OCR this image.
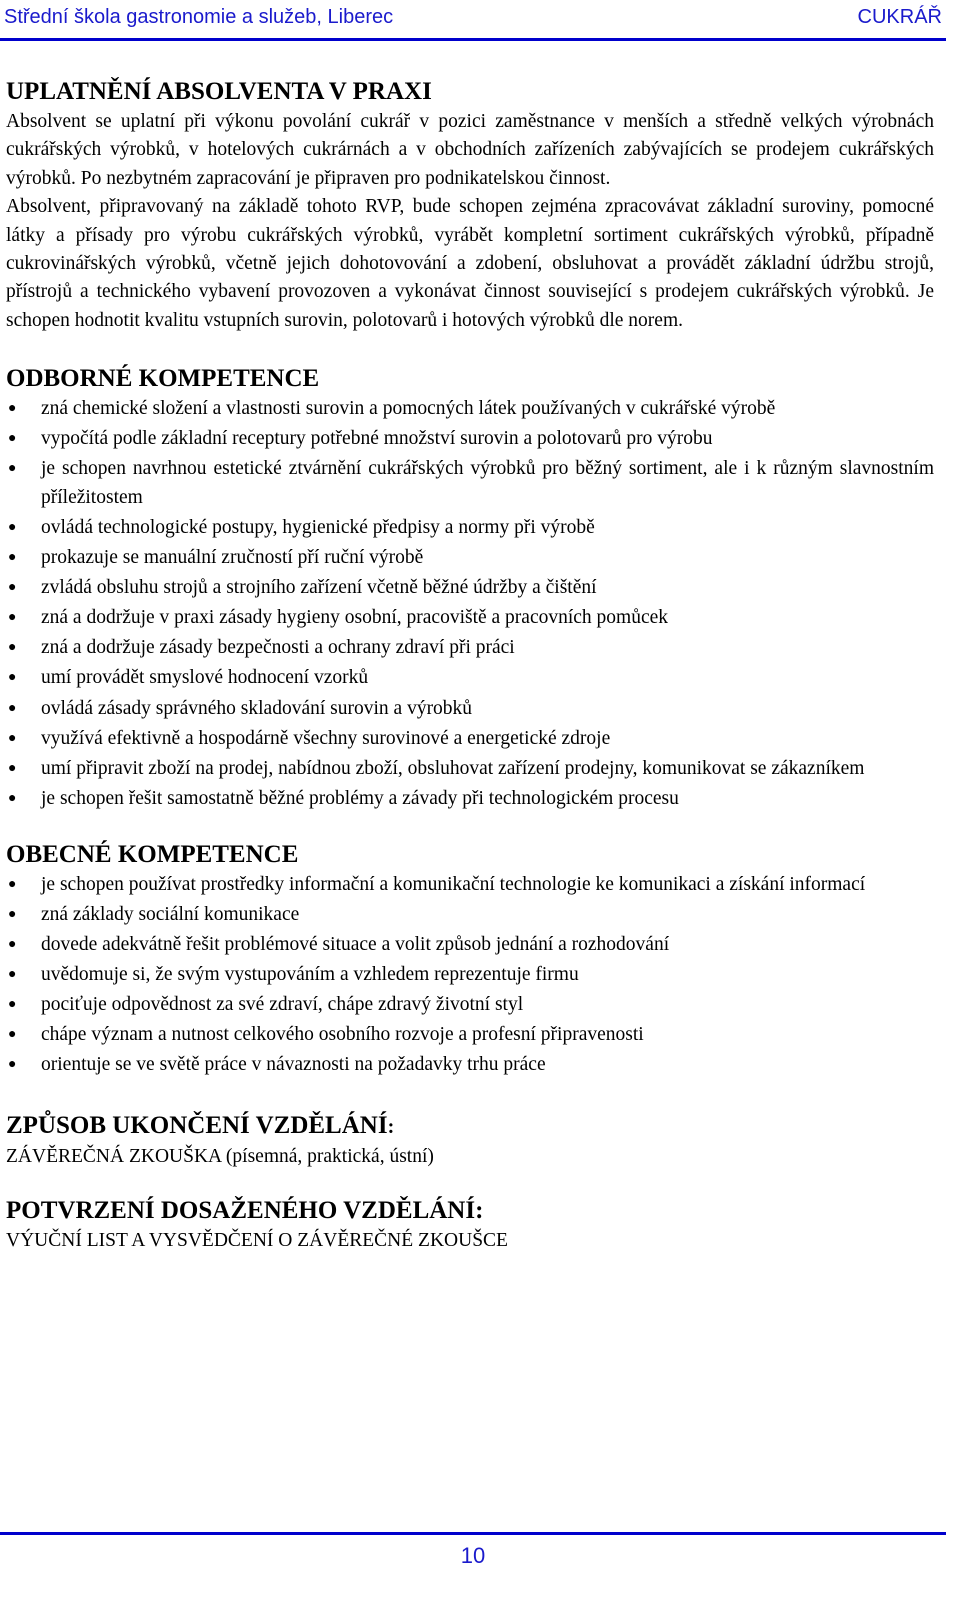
Střední škola gastronomie a služeb, Liberec	CUKRÁŘ
UPLATNĚNÍ ABSOLVENTA V PRAXI

Absolvent se uplatní při výkonu povolání cukrář v pozici zaměstnance v menších a středně velkých výrobnách cukrářských výrobků, v hotelových cukrárnách a v obchodních zařízeních zabývajících se prodejem cukrářských výrobků. Po nezbytném zapracování je připraven pro podnikatelskou činnost.

Absolvent, připravovaný na základě tohoto RVP, bude schopen zejména zpracovávat základní suroviny, pomocné látky a přísady pro výrobu cukrářských výrobků, vyrábět kompletní sortiment cukrářských výrobků, případně cukrovinářských výrobků, včetně jejich dohotovování a zdobení, obsluhovat a provádět základní údržbu strojů, přístrojů a technického vybavení provozoven a vykonávat činnost související s prodejem cukrářských výrobků. Je schopen hodnotit kvalitu vstupních surovin, polotovarů i hotových výrobků dle norem.

ODBORNÉ KOMPETENCE
● zná chemické složení a vlastnosti surovin a pomocných látek používaných v cukrářské výrobě
● vypočítá podle základní receptury potřebné množství surovin a polotovarů pro výrobu
● je schopen navrhnou estetické ztvárnění cukrářských výrobků pro běžný sortiment, ale i k různým slavnostním příležitostem
● ovládá technologické postupy, hygienické předpisy a normy při výrobě
● prokazuje se manuální zručností pří ruční výrobě
● zvládá obsluhu strojů a strojního zařízení včetně běžné údržby a čištění
● zná a dodržuje v praxi zásady hygieny osobní, pracoviště a pracovních pomůcek
● zná a dodržuje zásady bezpečnosti a ochrany zdraví při práci
● umí provádět smyslové hodnocení vzorků
● ovládá zásady správného skladování surovin a výrobků
● využívá efektivně a hospodárně všechny surovinové a energetické zdroje
● umí připravit zboží na prodej, nabídnou zboží, obsluhovat zařízení prodejny, komunikovat se zákazníkem
● je schopen řešit samostatně běžné problémy a závady při technologickém procesu
OBECNÉ KOMPETENCE
● je schopen používat prostředky informační a komunikační technologie ke komunikaci a získání informací
● zná základy sociální komunikace
● dovede adekvátně řešit problémové situace a volit způsob jednání a rozhodování
● uvědomuje si, že svým vystupováním a vzhledem reprezentuje firmu
● pociťuje odpovědnost za své zdraví, chápe zdravý životní styl
● chápe význam a nutnost celkového osobního rozvoje a profesní připravenosti
● orientuje se ve světě práce v návaznosti na požadavky trhu práce
ZPŮSOB UKONČENÍ VZDĚLÁNÍ:

ZÁVĚREČNÁ ZKOUŠKA (písemná, praktická, ústní)

POTVRZENÍ DOSAŽENÉHO VZDĚLÁNÍ:

VÝUČNÍ LIST A VYSVĚDČENÍ O ZÁVĚREČNÉ ZKOUŠCE

10
